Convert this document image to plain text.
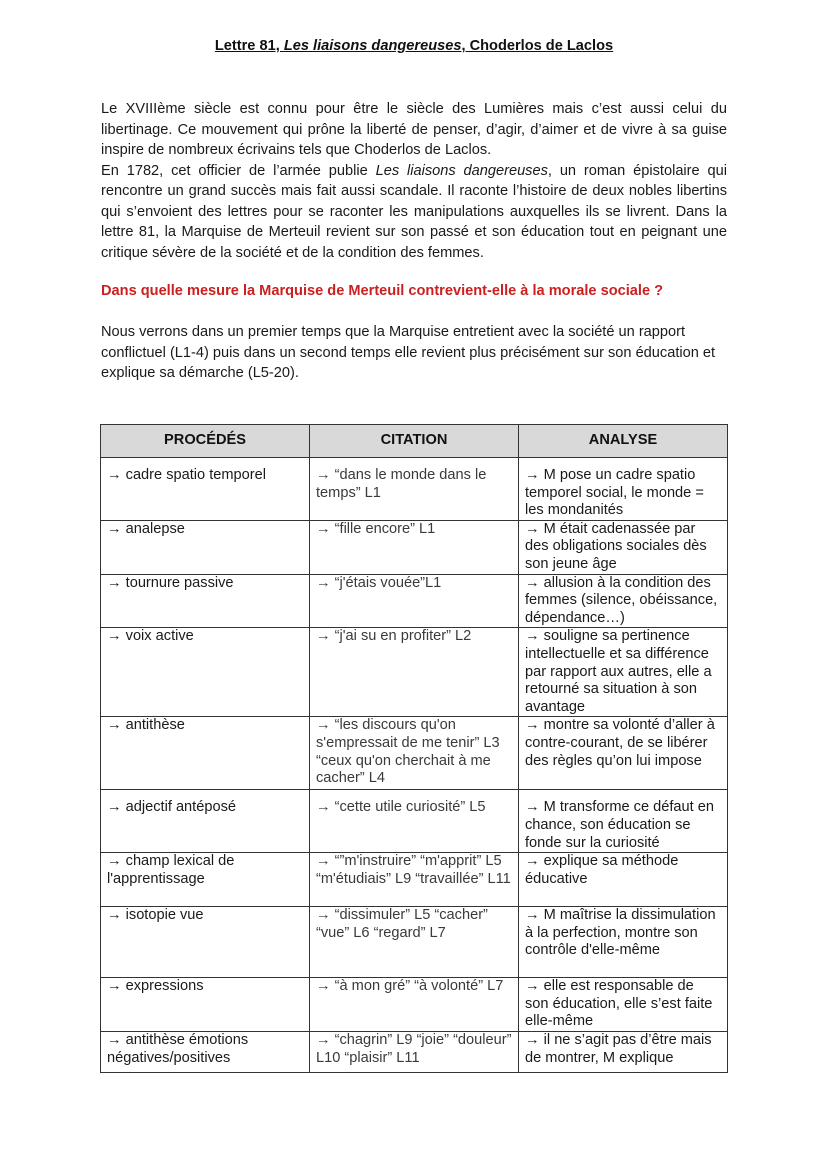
Lettre 81, Les liaisons dangereuses, Choderlos de Laclos

Le XVIIIème siècle est connu pour être le siècle des Lumières mais c’est aussi celui du libertinage. Ce mouvement qui prône la liberté de penser, d’agir, d’aimer et de vivre à sa guise inspire de nombreux écrivains tels que Choderlos de Laclos.

En 1782, cet officier de l’armée publie Les liaisons dangereuses, un roman épistolaire qui rencontre un grand succès mais fait aussi scandale. Il raconte l’histoire de deux nobles libertins qui s’envoient des lettres pour se raconter les manipulations auxquelles ils se livrent. Dans la lettre 81, la Marquise de Merteuil revient sur son passé et son éducation tout en peignant une critique sévère de la société et de la condition des femmes.

Dans quelle mesure la Marquise de Merteuil contrevient-elle à la morale sociale ?
Nous verrons dans un premier temps que la Marquise entretient avec la société un rapport conflictuel (L1-4) puis dans un second temps elle revient plus précisément sur son éducation et explique sa démarche (L5-20).
PROCÉDÉS	CITATION	ANALYSE
→ cadre spatio temporel	→ “dans le monde dans le temps” L1	→ M pose un cadre spatio temporel social, le monde = les mondanités
→ analepse	→ “fille encore” L1	→ M était cadenassée par des obligations sociales dès son jeune âge
→ tournure passive	→ “j'étais vouée”L1	→ allusion à la condition des femmes (silence, obéissance, dépendance…)
→ voix active	→ “j'ai su en profiter” L2	→ souligne sa pertinence intellectuelle et sa différence par rapport aux autres, elle a retourné sa situation à son avantage
→ antithèse	→ “les discours qu'on s'empressait de me tenir” L3 “ceux qu'on cherchait à me cacher” L4	→ montre sa volonté d’aller à contre-courant, de se libérer des règles qu’on lui impose
→ adjectif antéposé	→ “cette utile curiosité” L5	→ M transforme ce défaut en chance, son éducation se fonde sur la curiosité
→ champ lexical de l'apprentissage	→ “”m'instruire” “m'apprit” L5 “m'étudiais” L9 “travaillée” L11	→ explique sa méthode éducative
→ isotopie vue	→ “dissimuler” L5 “cacher” “vue” L6 “regard” L7	→ M maîtrise la dissimulation à la perfection, montre son contrôle d'elle-même
→ expressions	→ “à mon gré” “à volonté” L7	→ elle est responsable de son éducation, elle s’est faite elle-même
→ antithèse émotions négatives/positives	→ “chagrin” L9 “joie” “douleur” L10 “plaisir” L11	→ il ne s’agit pas d’être mais de montrer, M explique
